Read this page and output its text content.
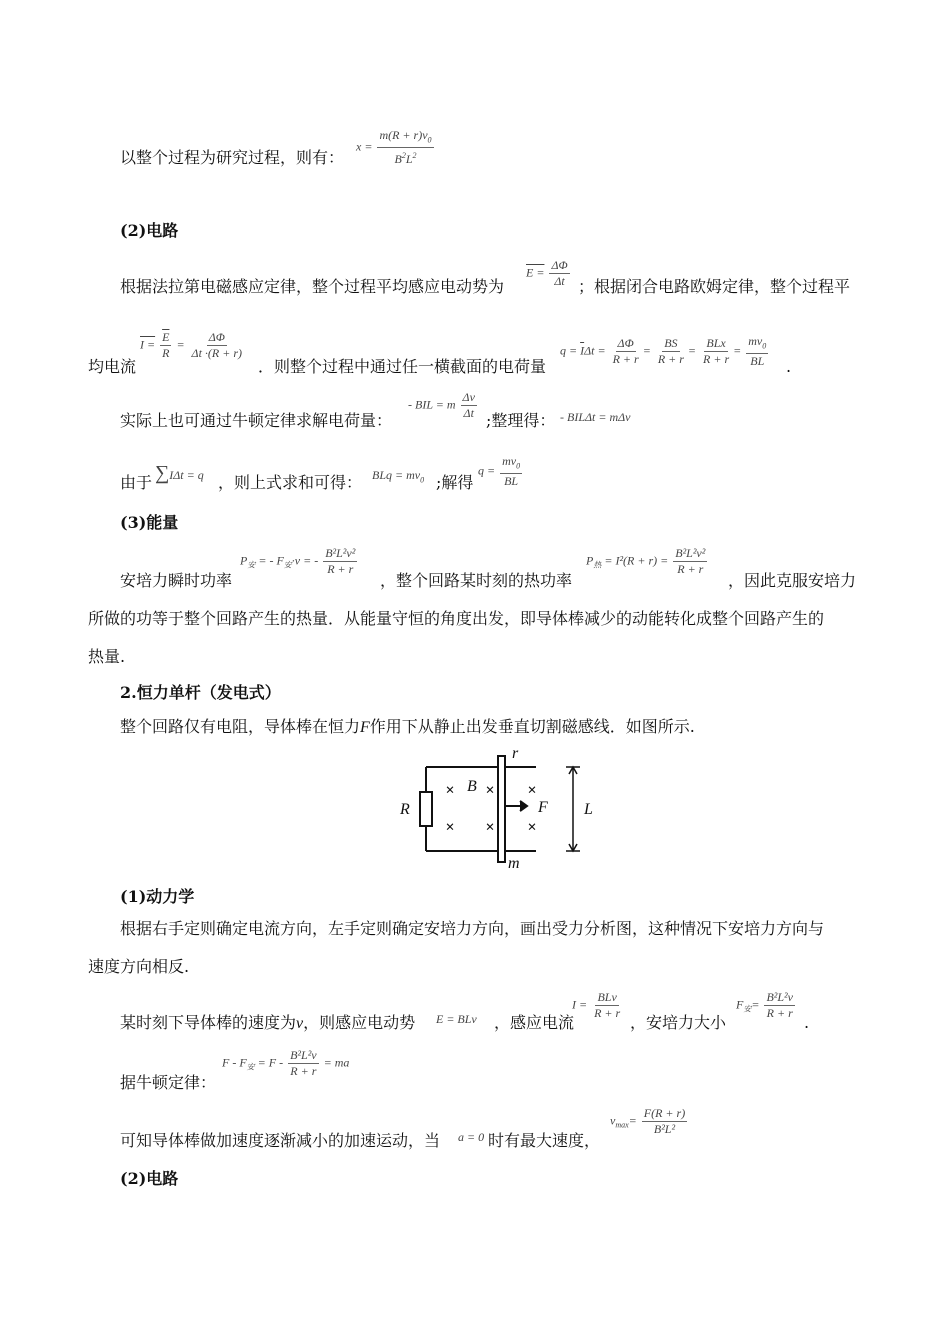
以整个过程为研究过程，则有：
$x = \frac{m(R + r)v_0}{B^2L^2}$
(2)电路
根据法拉第电磁感应定律，整个过程平均感应电动势为
$E = \frac{\Delta\Phi}{\Delta t}$ ；根据闭合电路欧姆定律，整个过程平
均电流
$I = \frac{\overline{E}}{R} = \frac{\Delta\Phi}{\Delta t \cdot(R + r)}$
．则整个过程中通过任一横截面的电荷量
$q = \overline{I}\Delta t = \frac{\Delta\Phi}{R + r} = \frac{BS}{R + r} = \frac{\text{BLx}}{R + r} = \frac{mv_0}{BL}$ .
实际上也可通过牛顿定律求解电荷量：
- BIL = m $\frac{\Delta v}{\Delta t}$ ;整理得： - BILΔt = mΔv
由于 ∑IΔt = q ，则上式求和可得： BLq = $mv_0$ ;解得
$q = \frac{mv_0}{BL}$
(3)能量
安培力瞬时功率
$P_安$ = - $F_安\cdot v$ = - $\frac{\text{B²L²v²}}{R + r}$
，整个回路某时刻的热功率
$P_热 = I^2(R + r) = \frac{\text{B²L²v²}}{R + r}$
，因此克服安培力
所做的功等于整个回路产生的热量．从能量守恒的角度出发，即导体棒减少的动能转化成整个回路产生的
热量.
2.恒力单杆（发电式）
整个回路仅有电阻，导体棒在恒力F作用下从静止出发垂直切割磁感线．如图所示.
× × ×
× × ×
r
B
R	F L
m
(1)动力学
根据右手定则确定电流方向，左手定则确定安培力方向，画出受力分析图，这种情况下安培力方向与
速度方向相反.
某时刻下导体棒的速度为v，则感应电动势 E = BLv ，感应电流
$I = \frac{\text{BLv}}{R + r}$
，安培力大小
$F_安= \frac{\text{B²L²v}}{R + r}$
.
$F - F_安 = F - \frac{\text{B²L²v}}{R + r}$ = ma
据牛顿定律：
可知导体棒做加速度逐渐减小的加速运动，当 a = 0 时有最大速度，
$v_{max}= \frac{F(R + r)}{\text{B²L²}}$
(2)电路
